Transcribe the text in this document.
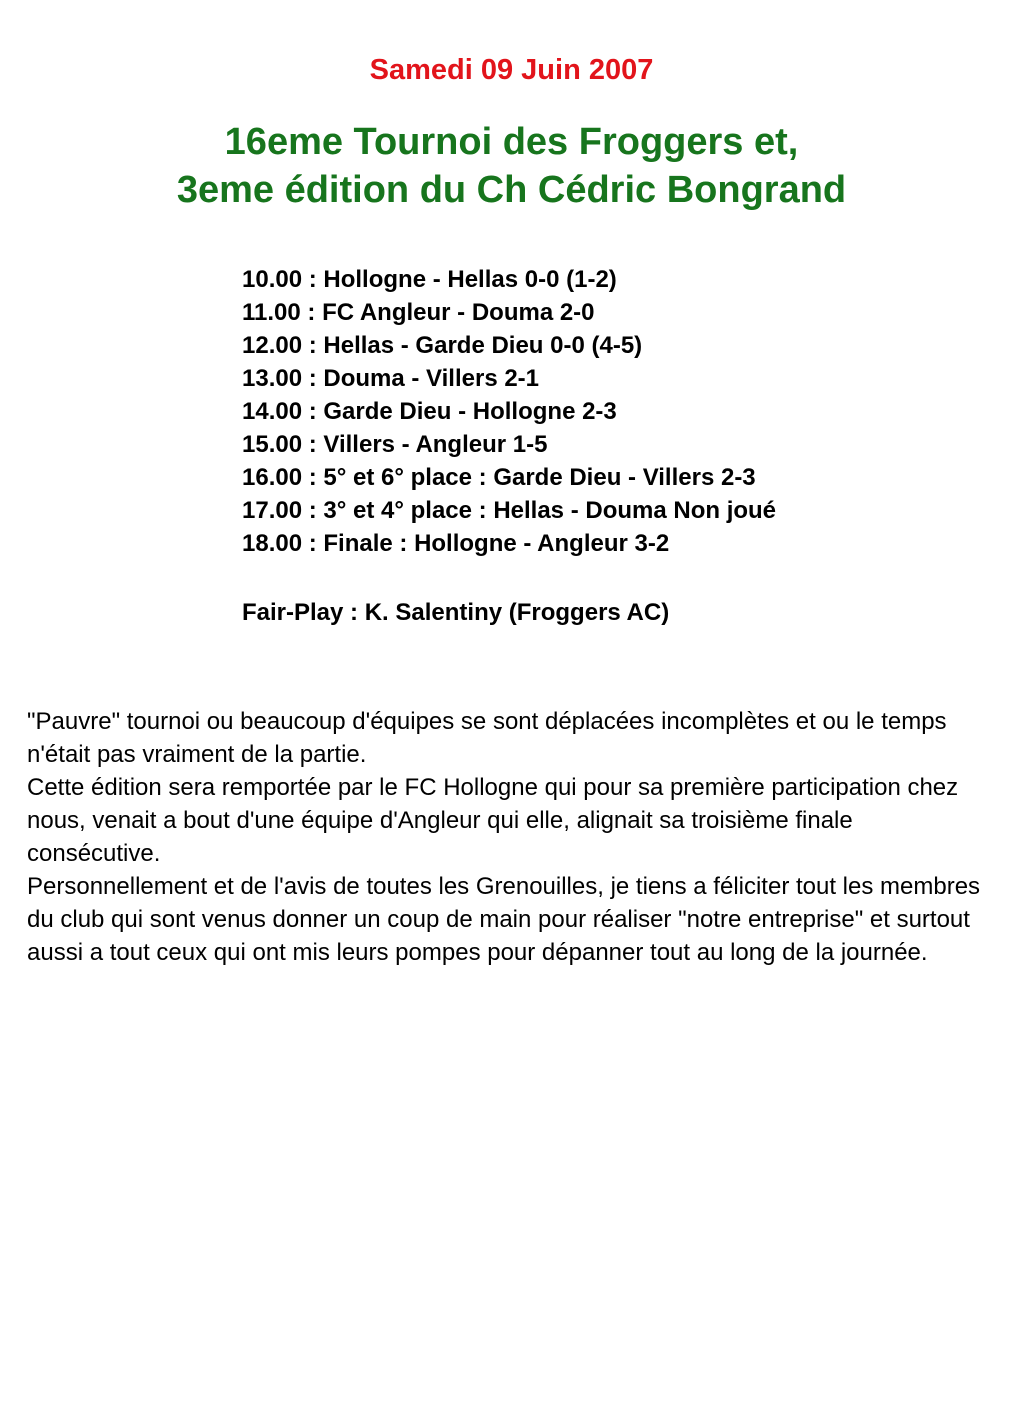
Samedi 09 Juin 2007
16eme Tournoi des Froggers et,
3eme édition du Ch Cédric Bongrand
10.00 : Hollogne - Hellas 0-0 (1-2)
11.00 : FC Angleur - Douma 2-0
12.00 : Hellas - Garde Dieu 0-0 (4-5)
13.00 : Douma - Villers 2-1
14.00 : Garde Dieu - Hollogne 2-3
15.00 : Villers - Angleur 1-5
16.00 : 5° et 6° place : Garde Dieu - Villers 2-3
17.00 : 3° et 4° place : Hellas - Douma Non joué
18.00 : Finale : Hollogne - Angleur 3-2
Fair-Play : K. Salentiny (Froggers AC)

"Pauvre" tournoi ou beaucoup d'équipes se sont déplacées incomplètes et ou le temps n'était pas vraiment de la partie.

Cette édition sera remportée par le FC Hollogne qui pour sa première participation chez nous, venait a bout d'une équipe d'Angleur qui elle, alignait sa troisième finale consécutive.

Personnellement et de l'avis de toutes les Grenouilles, je tiens a féliciter tout les membres du club qui sont venus donner un coup de main pour réaliser "notre entreprise" et surtout aussi a tout ceux qui ont mis leurs pompes pour dépanner tout au long de la journée.
